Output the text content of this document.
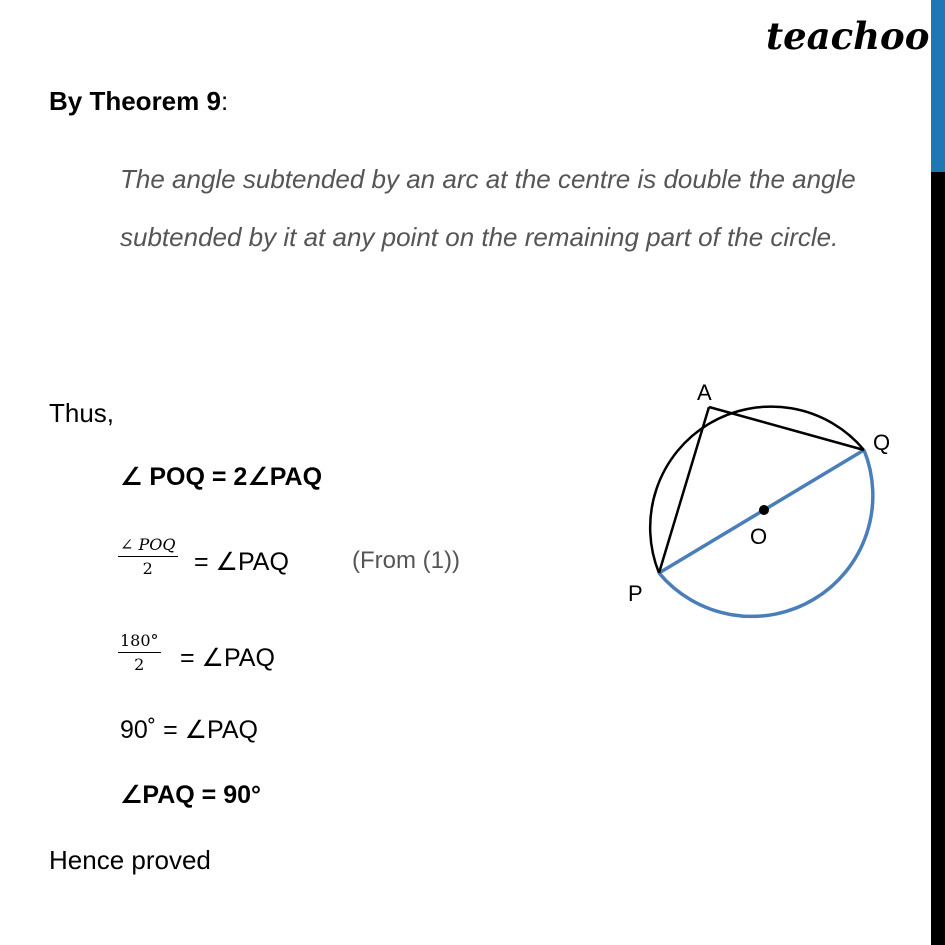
teachoo
By Theorem 9:
The angle subtended by an arc at the centre is double the angle subtended by it at any point on the remaining part of the circle.
Thus,
∠ POQ = 2∠PAQ
∠ POQ
2	= ∠PAQ	(From (1))
$\frac{180^\circ}{2}$ = ∠PAQ
90˚ = ∠PAQ
∠PAQ = 90°
Hence proved
A
Q
O
P
